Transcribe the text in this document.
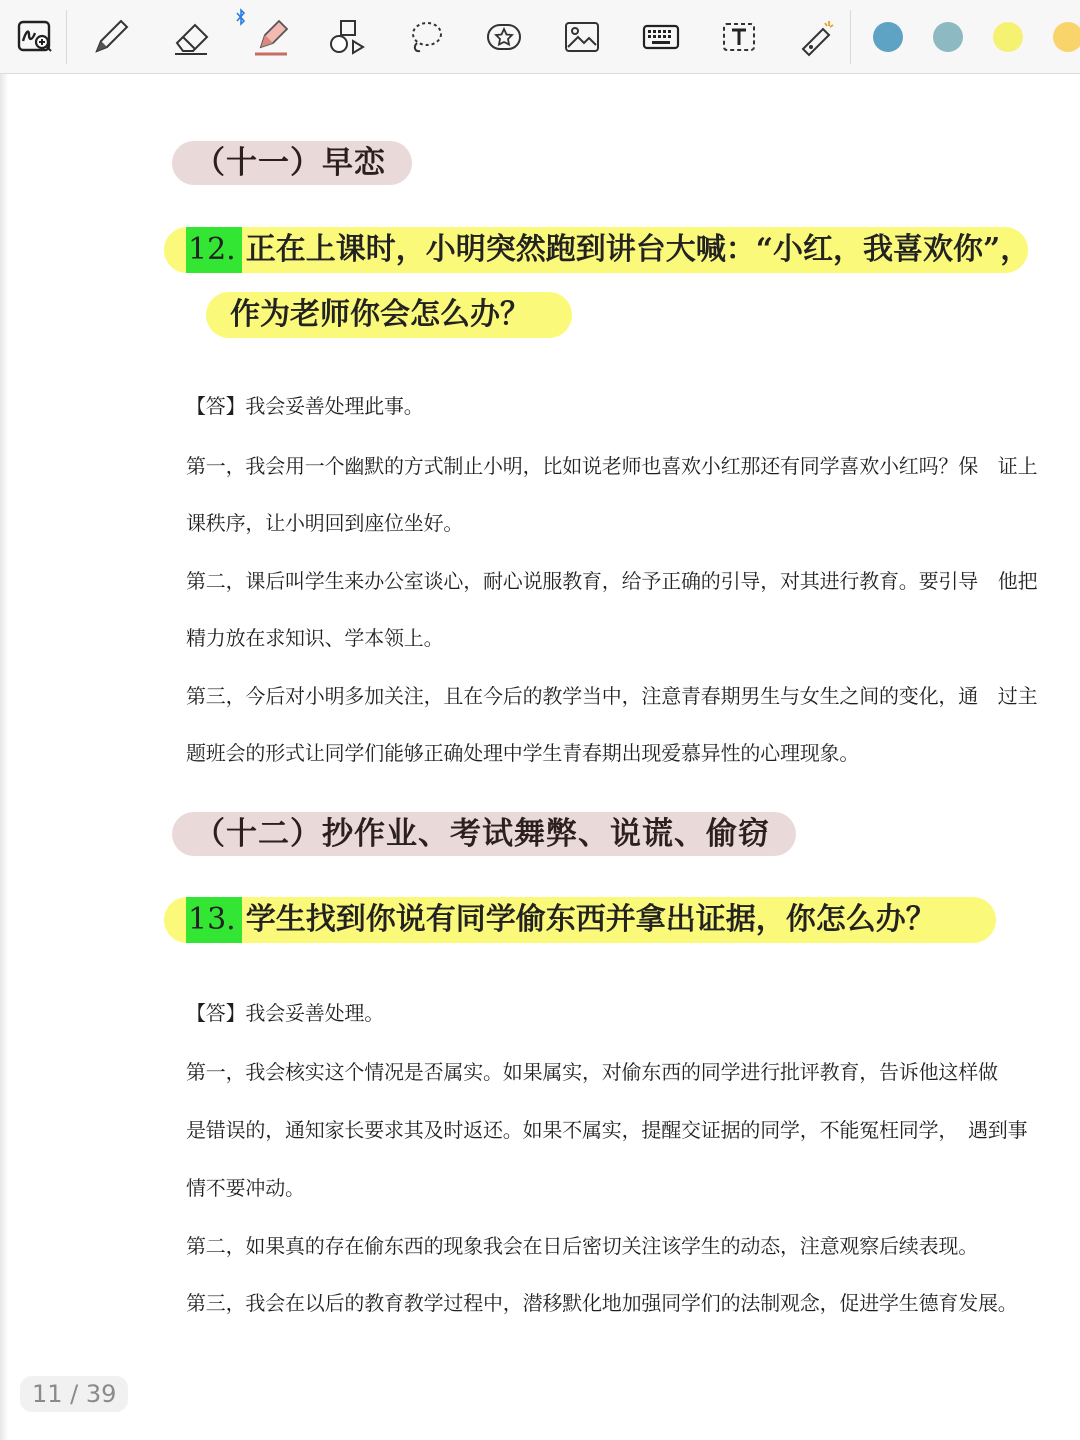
（十一）早恋
12. 正在上课时，小明突然跑到讲台大喊：“小红，我喜欢你”，
作为老师你会怎么办？
【答】我会妥善处理此事。
第一，我会用一个幽默的方式制止小明，比如说老师也喜欢小红那还有同学喜欢小红吗？保　证上
课秩序，让小明回到座位坐好。
第二，课后叫学生来办公室谈心，耐心说服教育，给予正确的引导，对其进行教育。要引导　他把
精力放在求知识、学本领上。
第三，今后对小明多加关注，且在今后的教学当中，注意青春期男生与女生之间的变化，通　过主
题班会的形式让同学们能够正确处理中学生青春期出现爱慕异性的心理现象。
（十二）抄作业、考试舞弊、说谎、偷窃
13. 学生找到你说有同学偷东西并拿出证据，你怎么办？
【答】我会妥善处理。
第一，我会核实这个情况是否属实。如果属实，对偷东西的同学进行批评教育，告诉他这样做
是错误的，通知家长要求其及时返还。如果不属实，提醒交证据的同学，不能冤枉同学，　遇到事
情不要冲动。
第二，如果真的存在偷东西的现象我会在日后密切关注该学生的动态，注意观察后续表现。
第三，我会在以后的教育教学过程中，潜移默化地加强同学们的法制观念，促进学生德育发展。
11 / 39
